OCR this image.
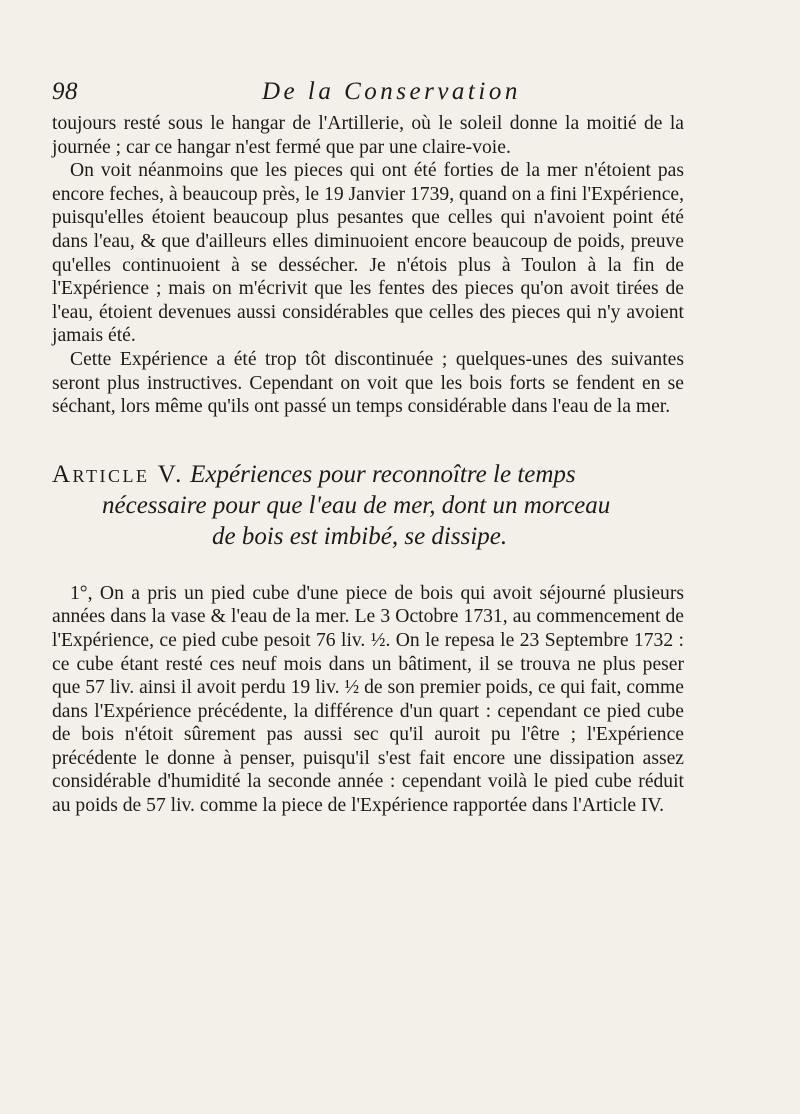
98	De la Conservation

toujours resté sous le hangar de l'Artillerie, où le soleil donne la moitié de la journée ; car ce hangar n'est fermé que par une claire-voie.

On voit néanmoins que les pieces qui ont été forties de la mer n'étoient pas encore feches, à beaucoup près, le 19 Janvier 1739, quand on a fini l'Expérience, puisqu'elles étoient beaucoup plus pesantes que celles qui n'avoient point été dans l'eau, & que d'ailleurs elles diminuoient encore beaucoup de poids, preuve qu'elles continuoient à se dessécher. Je n'étois plus à Toulon à la fin de l'Expérience ; mais on m'écrivit que les fentes des pieces qu'on avoit tirées de l'eau, étoient devenues aussi considérables que celles des pieces qui n'y avoient jamais été.

Cette Expérience a été trop tôt discontinuée ; quelques-unes des suivantes seront plus instructives. Cependant on voit que les bois forts se fendent en se séchant, lors même qu'ils ont passé un temps considérable dans l'eau de la mer.

Article V. Expériences pour reconnoître le temps
nécessaire pour que l'eau de mer, dont un morceau
de bois est imbibé, se dissipe.

1°, On a pris un pied cube d'une piece de bois qui avoit séjourné plusieurs années dans la vase & l'eau de la mer. Le 3 Octobre 1731, au commencement de l'Expérience, ce pied cube pesoit 76 liv. ½. On le repesa le 23 Septembre 1732 : ce cube étant resté ces neuf mois dans un bâtiment, il se trouva ne plus peser que 57 liv. ainsi il avoit perdu 19 liv. ½ de son premier poids, ce qui fait, comme dans l'Expérience précédente, la différence d'un quart : cependant ce pied cube de bois n'étoit sûrement pas aussi sec qu'il auroit pu l'être ; l'Expérience précédente le donne à penser, puisqu'il s'est fait encore une dissipation assez considérable d'humidité la seconde année : cependant voilà le pied cube réduit au poids de 57 liv. comme la piece de l'Expérience rapportée dans l'Article IV.
